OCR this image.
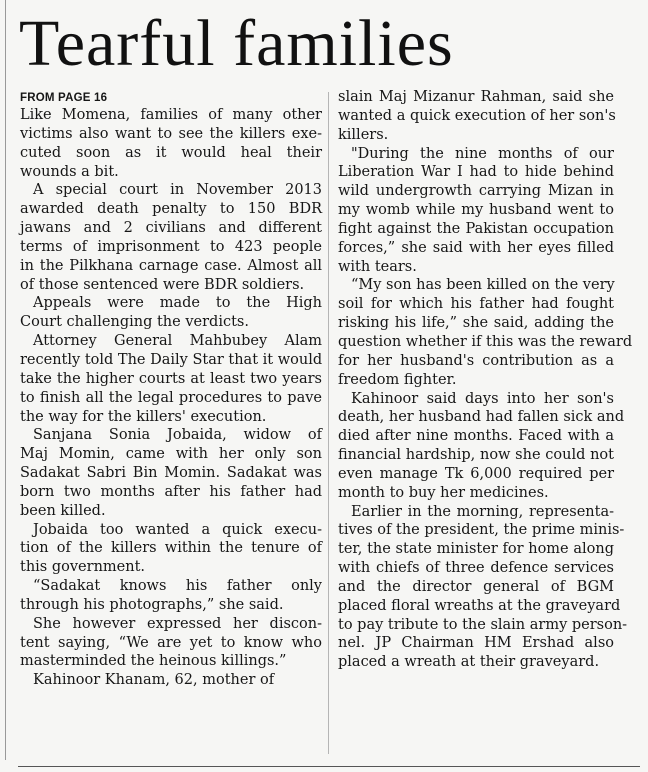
Tearful families
FROM PAGE 16
Like Momena, families of many other
victims also want to see the killers exe-
cuted soon as it would heal their
wounds a bit.
A special court in November 2013
awarded death penalty to 150 BDR
jawans and 2 civilians and different
terms of imprisonment to 423 people
in the Pilkhana carnage case. Almost all
of those sentenced were BDR soldiers.
Appeals were made to the High
Court challenging the verdicts.
Attorney General Mahbubey Alam
recently told The Daily Star that it would
take the higher courts at least two years
to finish all the legal procedures to pave
the way for the killers' execution.
Sanjana Sonia Jobaida, widow of
Maj Momin, came with her only son
Sadakat Sabri Bin Momin. Sadakat was
born two months after his father had
been killed.
Jobaida too wanted a quick execu-
tion of the killers within the tenure of
this government.
“Sadakat knows his father only
through his photographs,” she said.
She however expressed her discon-
tent saying, “We are yet to know who
masterminded the heinous killings.”
Kahinoor Khanam, 62, mother of
slain Maj Mizanur Rahman, said she
wanted a quick execution of her son's
killers.
"During the nine months of our
Liberation War I had to hide behind
wild undergrowth carrying Mizan in
my womb while my husband went to
fight against the Pakistan occupation
forces,” she said with her eyes filled
with tears.
“My son has been killed on the very
soil for which his father had fought
risking his life,” she said, adding the
question whether if this was the reward
for her husband's contribution as a
freedom fighter.
Kahinoor said days into her son's
death, her husband had fallen sick and
died after nine months. Faced with a
financial hardship, now she could not
even manage Tk 6,000 required per
month to buy her medicines.
Earlier in the morning, representa-
tives of the president, the prime minis-
ter, the state minister for home along
with chiefs of three defence services
and the director general of BGM
placed floral wreaths at the graveyard
to pay tribute to the slain army person-
nel. JP Chairman HM Ershad also
placed a wreath at their graveyard.
